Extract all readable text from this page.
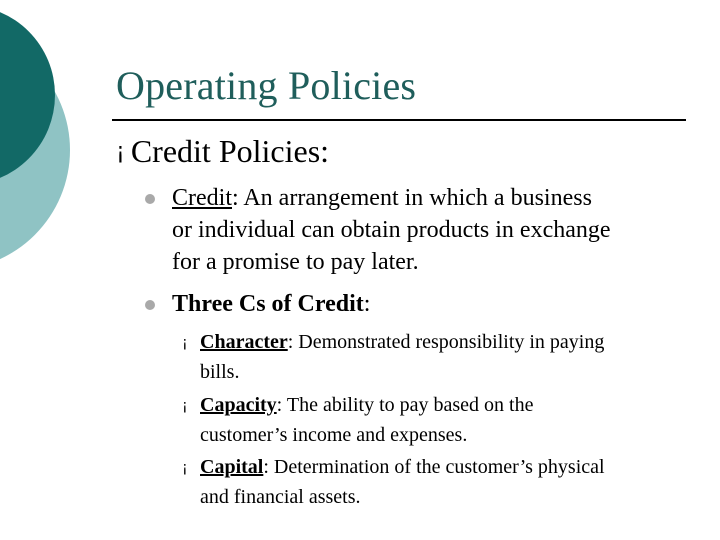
Operating Policies
¡ Credit Policies:
Credit: An arrangement in which a business
or individual can obtain products in exchange
for a promise to pay later.
Three Cs of Credit:
¡ Character: Demonstrated responsibility in paying
bills.
¡ Capacity: The ability to pay based on the
customer’s income and expenses.
¡ Capital: Determination of the customer’s physical
and financial assets.
